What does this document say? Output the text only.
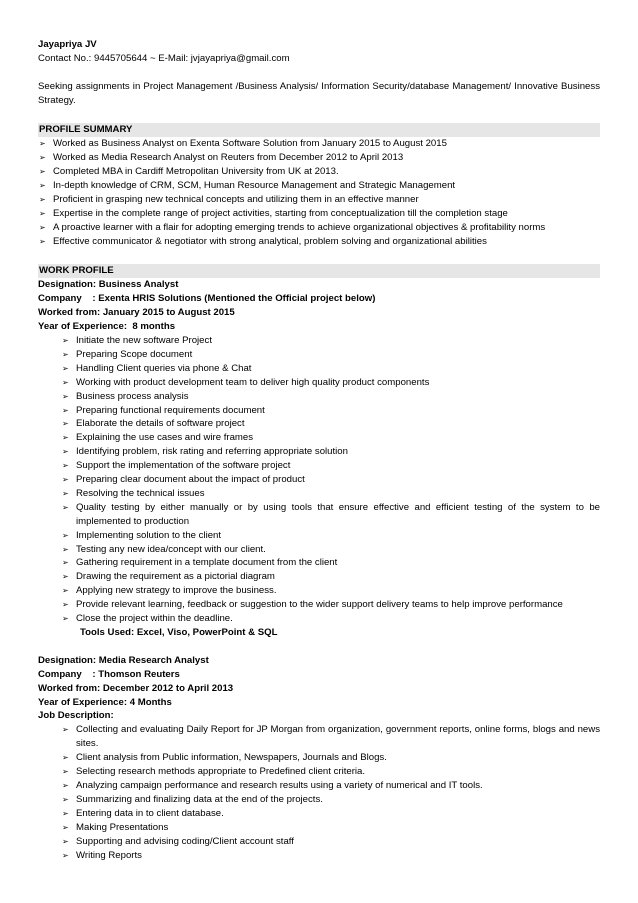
Jayapriya JV
Contact No.: 9445705644 ~ E-Mail: jvjayapriya@gmail.com
Seeking assignments in Project Management /Business Analysis/ Information Security/database Management/ Innovative Business Strategy.
PROFILE SUMMARY
➢ Worked as Business Analyst on Exenta Software Solution from January 2015 to August 2015
➢ Worked as Media Research Analyst on Reuters from December 2012 to April 2013
➢ Completed MBA in Cardiff Metropolitan University from UK at 2013.
➢ In-depth knowledge of CRM, SCM, Human Resource Management and Strategic Management
➢ Proficient in grasping new technical concepts and utilizing them in an effective manner
➢ Expertise in the complete range of project activities, starting from conceptualization till the completion stage
➢ A proactive learner with a flair for adopting emerging trends to achieve organizational objectives & profitability norms
➢ Effective communicator & negotiator with strong analytical, problem solving and organizational abilities
WORK PROFILE
Designation: Business Analyst
Company    : Exenta HRIS Solutions (Mentioned the Official project below)
Worked from: January 2015 to August 2015
Year of Experience:  8 months
➢ Initiate the new software Project
➢ Preparing Scope document
➢ Handling Client queries via phone & Chat
➢ Working with product development team to deliver high quality product components
➢ Business process analysis
➢ Preparing functional requirements document
➢ Elaborate the details of software project
➢ Explaining the use cases and wire frames
➢ Identifying problem, risk rating and referring appropriate solution
➢ Support the implementation of the software project
➢ Preparing clear document about the impact of product
➢ Resolving the technical issues
➢ Quality testing by either manually or by using tools that ensure effective and efficient testing of the system to be implemented to production
➢ Implementing solution to the client
➢ Testing any new idea/concept with our client.
➢ Gathering requirement in a template document from the client
➢ Drawing the requirement as a pictorial diagram
➢ Applying new strategy to improve the business.
➢ Provide relevant learning, feedback or suggestion to the wider support delivery teams to help improve performance
➢ Close the project within the deadline.
Tools Used: Excel, Viso, PowerPoint & SQL
Designation: Media Research Analyst
Company    : Thomson Reuters
Worked from: December 2012 to April 2013
Year of Experience: 4 Months
Job Description:
➢ Collecting and evaluating Daily Report for JP Morgan from organization, government reports, online forms, blogs and news sites.
➢ Client analysis from Public information, Newspapers, Journals and Blogs.
➢ Selecting research methods appropriate to Predefined client criteria.
➢ Analyzing campaign performance and research results using a variety of numerical and IT tools.
➢ Summarizing and finalizing data at the end of the projects.
➢ Entering data in to client database.
➢ Making Presentations
➢ Supporting and advising coding/Client account staff
➢ Writing Reports
